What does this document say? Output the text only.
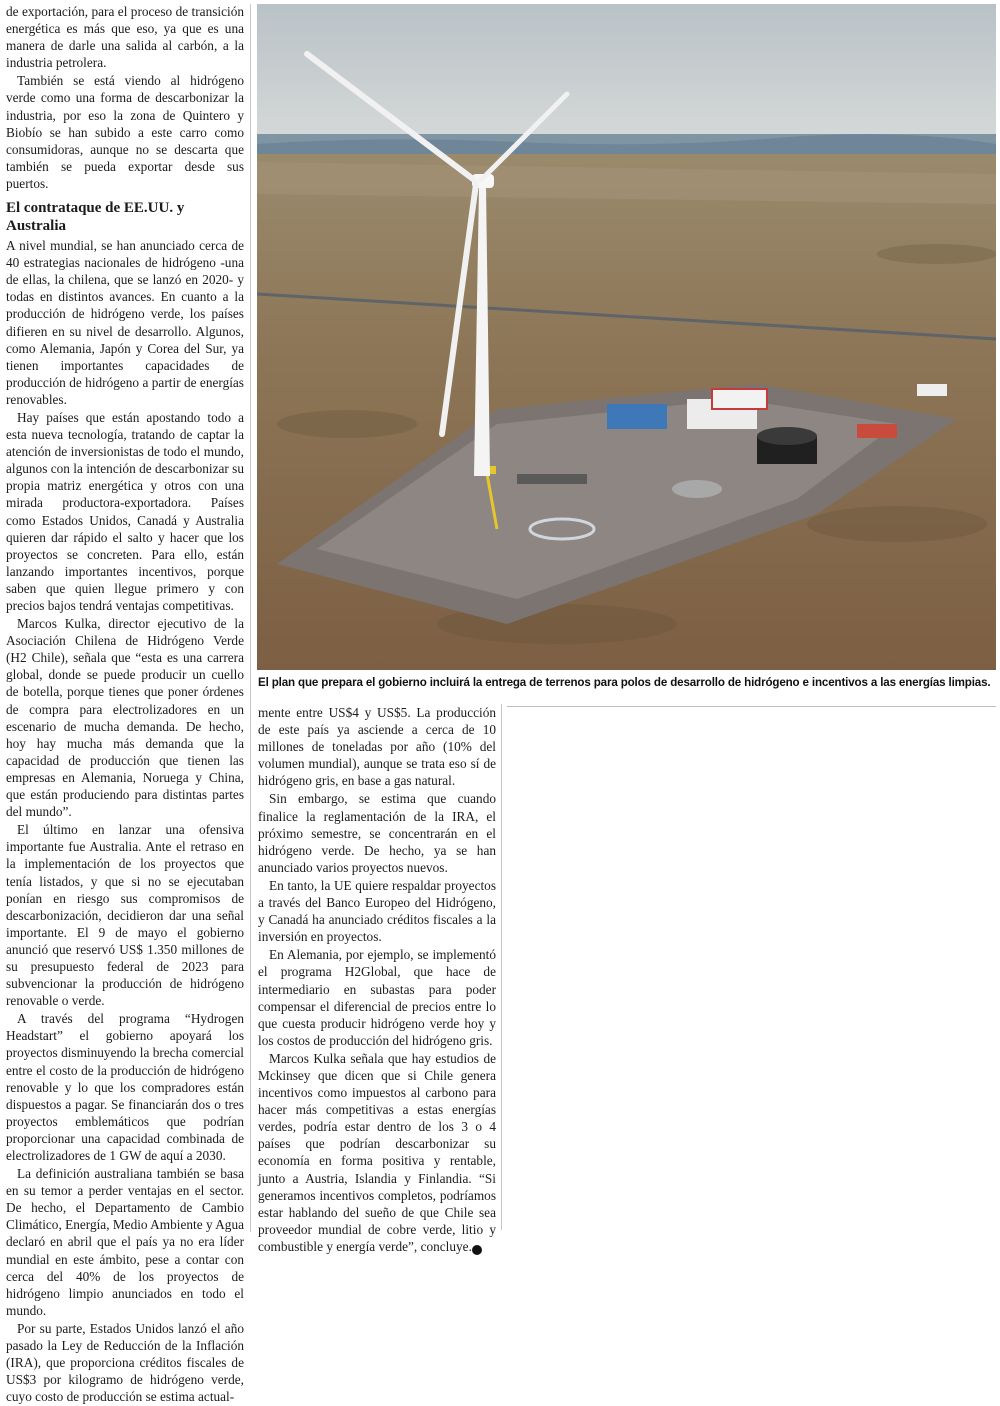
de exportación, para el proceso de transición energética es más que eso, ya que es una manera de darle una salida al carbón, a la industria petrolera.

También se está viendo al hidrógeno verde como una forma de descarbonizar la industria, por eso la zona de Quintero y Biobío se han subido a este carro como consumidoras, aunque no se descarta que también se pueda exportar desde sus puertos.

El contrataque de EE.UU. y Australia

A nivel mundial, se han anunciado cerca de 40 estrategias nacionales de hidrógeno -una de ellas, la chilena, que se lanzó en 2020- y todas en distintos avances. En cuanto a la producción de hidrógeno verde, los países difieren en su nivel de desarrollo. Algunos, como Alemania, Japón y Corea del Sur, ya tienen importantes capacidades de producción de hidrógeno a partir de energías renovables.

Hay países que están apostando todo a esta nueva tecnología, tratando de captar la atención de inversionistas de todo el mundo, algunos con la intención de descarbonizar su propia matriz energética y otros con una mirada productora-exportadora. Países como Estados Unidos, Canadá y Australia quieren dar rápido el salto y hacer que los proyectos se concreten. Para ello, están lanzando importantes incentivos, porque saben que quien llegue primero y con precios bajos tendrá ventajas competitivas.

Marcos Kulka, director ejecutivo de la Asociación Chilena de Hidrógeno Verde (H2 Chile), señala que “esta es una carrera global, donde se puede producir un cuello de botella, porque tienes que poner órdenes de compra para electrolizadores en un escenario de mucha demanda. De hecho, hoy hay mucha más demanda que la capacidad de producción que tienen las empresas en Alemania, Noruega y China, que están produciendo para distintas partes del mundo”.

El último en lanzar una ofensiva importante fue Australia. Ante el retraso en la implementación de los proyectos que tenía listados, y que si no se ejecutaban ponían en riesgo sus compromisos de descarbonización, decidieron dar una señal importante. El 9 de mayo el gobierno anunció que reservó US$ 1.350 millones de su presupuesto federal de 2023 para subvencionar la producción de hidrógeno renovable o verde.

A través del programa “Hydrogen Headstart” el gobierno apoyará los proyectos disminuyendo la brecha comercial entre el costo de la producción de hidrógeno renovable y lo que los compradores están dispuestos a pagar. Se financiarán dos o tres proyectos emblemáticos que podrían proporcionar una capacidad combinada de electrolizadores de 1 GW de aquí a 2030.

La definición australiana también se basa en su temor a perder ventajas en el sector. De hecho, el Departamento de Cambio Climático, Energía, Medio Ambiente y Agua declaró en abril que el país ya no era líder mundial en este ámbito, pese a contar con cerca del 40% de los proyectos de hidrógeno limpio anunciados en todo el mundo.

Por su parte, Estados Unidos lanzó el año pasado la Ley de Reducción de la Inflación (IRA), que proporciona créditos fiscales de US$3 por kilogramo de hidrógeno verde, cuyo costo de producción se estima actual-

El plan que prepara el gobierno incluirá la entrega de terrenos para polos de desarrollo de hidrógeno e incentivos a las energías limpias.

mente entre US$4 y US$5. La producción de este país ya asciende a cerca de 10 millones de toneladas por año (10% del volumen mundial), aunque se trata eso sí de hidrógeno gris, en base a gas natural.

Sin embargo, se estima que cuando finalice la reglamentación de la IRA, el próximo semestre, se concentrarán en el hidrógeno verde. De hecho, ya se han anunciado varios proyectos nuevos.

En tanto, la UE quiere respaldar proyectos a través del Banco Europeo del Hidrógeno, y Canadá ha anunciado créditos fiscales a la inversión en proyectos.

En Alemania, por ejemplo, se implementó el programa H2Global, que hace de intermediario en subastas para poder compensar el diferencial de precios entre lo que cuesta producir hidrógeno verde hoy y los costos de producción del hidrógeno gris.

Marcos Kulka señala que hay estudios de Mckinsey que dicen que si Chile genera incentivos como impuestos al carbono para hacer más competitivas a estas energías verdes, podría estar dentro de los 3 o 4 países que podrían descarbonizar su economía en forma positiva y rentable, junto a Austria, Islandia y Finlandia. “Si generamos incentivos completos, podríamos estar hablando del sueño de que Chile sea proveedor mundial de cobre verde, litio y combustible y energía verde”, concluye. P
